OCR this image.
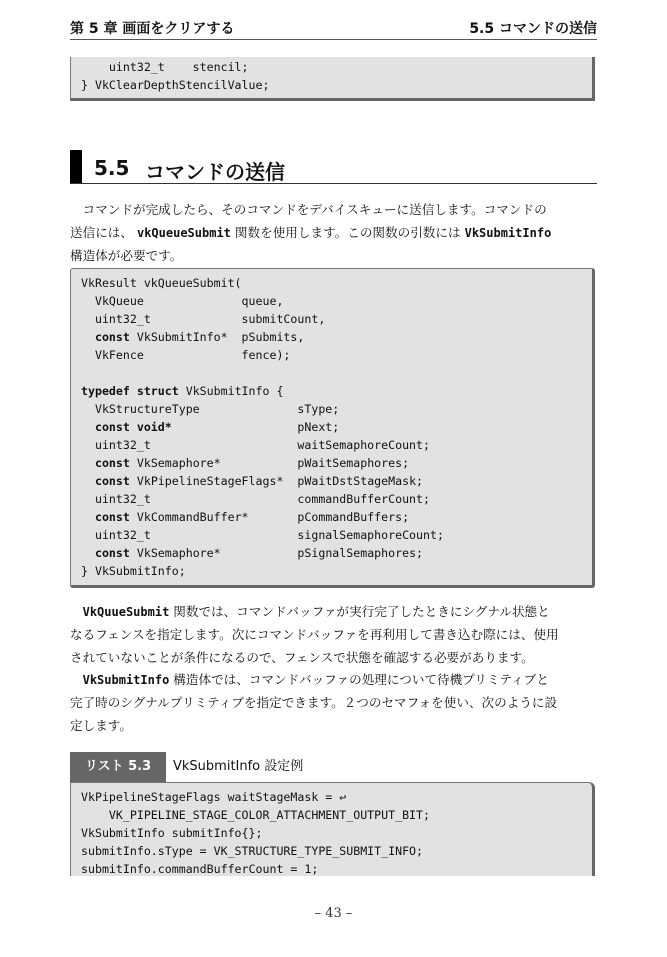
第 5 章 画面をクリアする	5.5 コマンドの送信
uint32_t    stencil;
} VkClearDepthStencilValue;
5.5 コマンドの送信
　コマンドが完成したら、そのコマンドをデバイスキューに送信します。コマンドの
送信には、 vkQueueSubmit 関数を使用します。この関数の引数には VkSubmitInfo
構造体が必要です。
VkResult vkQueueSubmit(
VkQueue              queue,
uint32_t             submitCount,
const VkSubmitInfo*  pSubmits,
VkFence              fence);
typedef struct VkSubmitInfo {
VkStructureType              sType;
const void*                  pNext;
uint32_t                     waitSemaphoreCount;
const VkSemaphore*           pWaitSemaphores;
const VkPipelineStageFlags*  pWaitDstStageMask;
uint32_t                     commandBufferCount;
const VkCommandBuffer*       pCommandBuffers;
uint32_t                     signalSemaphoreCount;
const VkSemaphore*           pSignalSemaphores;
} VkSubmitInfo;
　VkQuueSubmit 関数では、コマンドバッファが実行完了したときにシグナル状態と
なるフェンスを指定します。次にコマンドバッファを再利用して書き込む際には、使用
されていないことが条件になるので、フェンスで状態を確認する必要があります。
　VkSubmitInfo 構造体では、コマンドバッファの処理について待機プリミティブと
完了時のシグナルプリミティブを指定できます。２つのセマフォを使い、次のように設
定します。
リスト 5.3	VkSubmitInfo 設定例
VkPipelineStageFlags waitStageMask = ↩
VK_PIPELINE_STAGE_COLOR_ATTACHMENT_OUTPUT_BIT;
VkSubmitInfo submitInfo{};
submitInfo.sType = VK_STRUCTURE_TYPE_SUBMIT_INFO;
submitInfo.commandBufferCount = 1;
– 43 –
